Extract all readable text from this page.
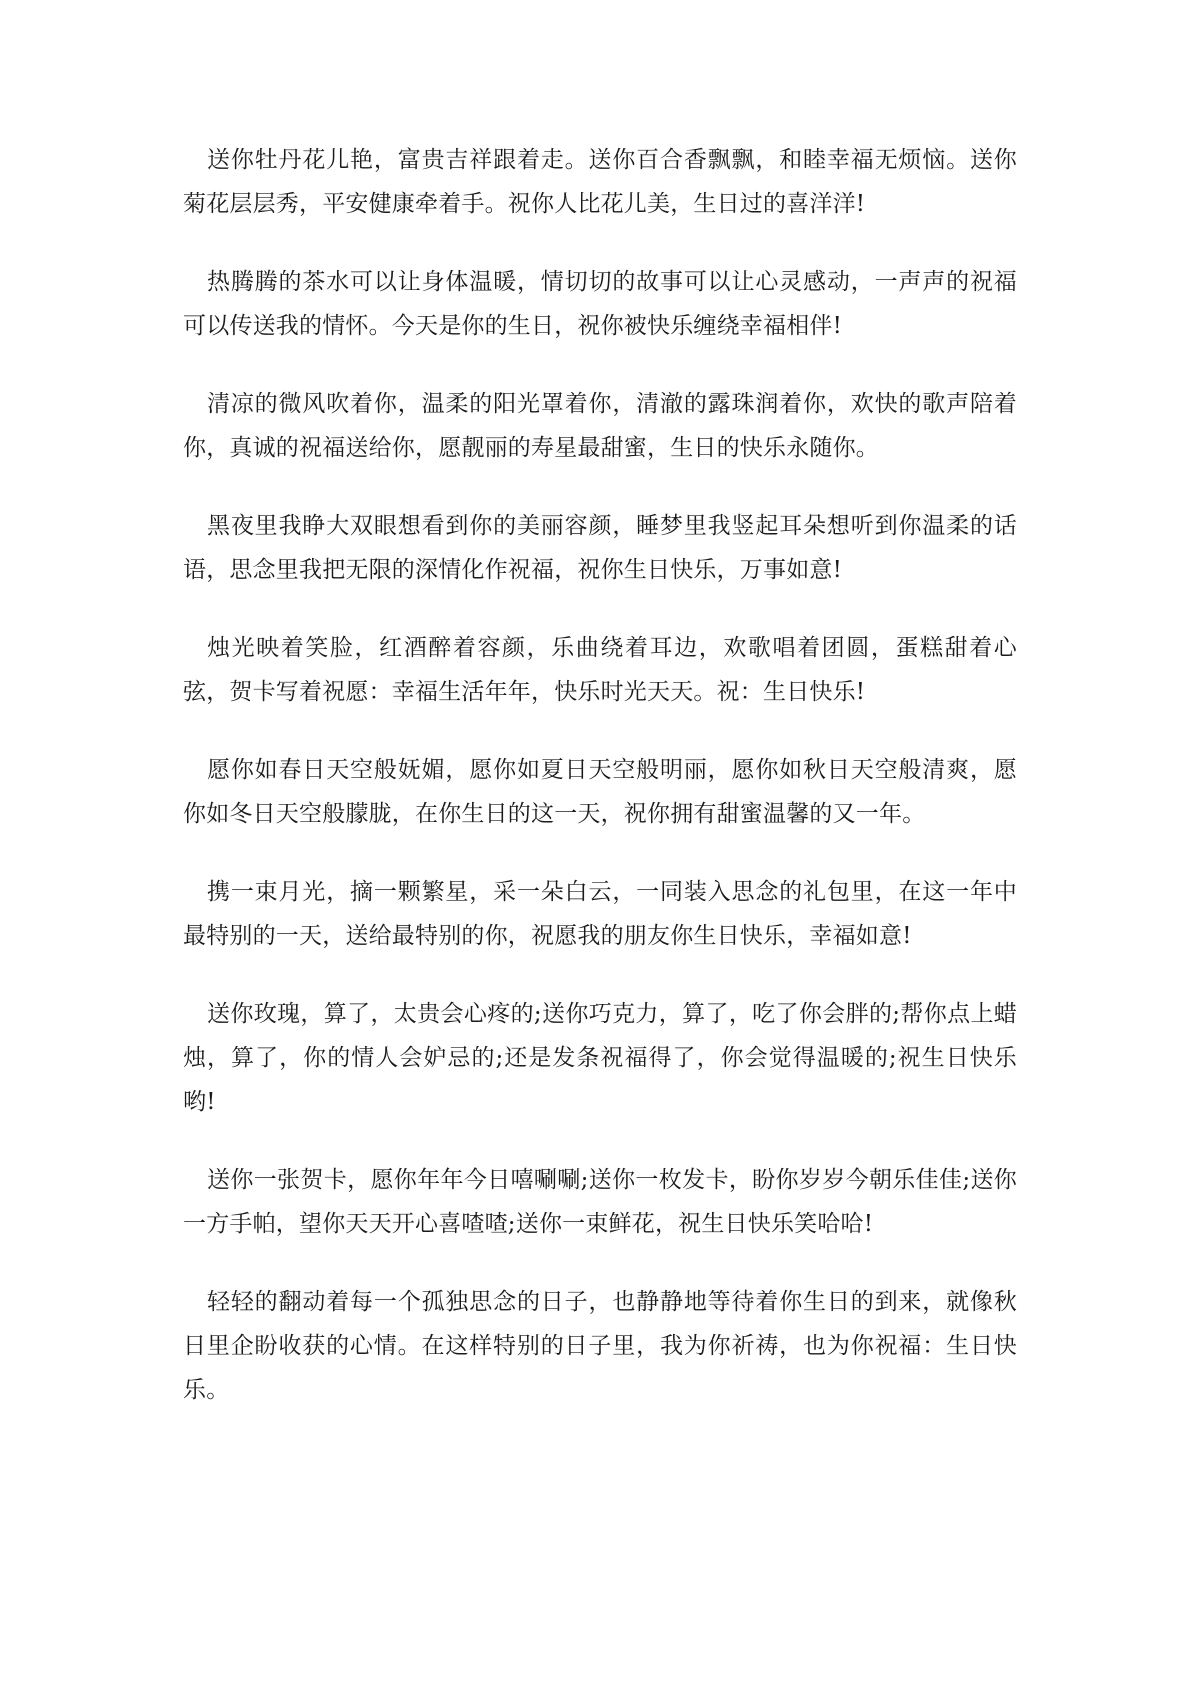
送你牡丹花儿艳，富贵吉祥跟着走。送你百合香飘飘，和睦幸福无烦恼。送你菊花层层秀，平安健康牵着手。祝你人比花儿美，生日过的喜洋洋!

热腾腾的茶水可以让身体温暖，情切切的故事可以让心灵感动，一声声的祝福可以传送我的情怀。今天是你的生日，祝你被快乐缠绕幸福相伴!

清凉的微风吹着你，温柔的阳光罩着你，清澈的露珠润着你，欢快的歌声陪着你，真诚的祝福送给你，愿靓丽的寿星最甜蜜，生日的快乐永随你。

黑夜里我睁大双眼想看到你的美丽容颜，睡梦里我竖起耳朵想听到你温柔的话语，思念里我把无限的深情化作祝福，祝你生日快乐，万事如意!

烛光映着笑脸，红酒醉着容颜，乐曲绕着耳边，欢歌唱着团圆，蛋糕甜着心弦，贺卡写着祝愿：幸福生活年年，快乐时光天天。祝：生日快乐!

愿你如春日天空般妩媚，愿你如夏日天空般明丽，愿你如秋日天空般清爽，愿你如冬日天空般朦胧，在你生日的这一天，祝你拥有甜蜜温馨的又一年。

携一束月光，摘一颗繁星，采一朵白云，一同装入思念的礼包里，在这一年中最特别的一天，送给最特别的你，祝愿我的朋友你生日快乐，幸福如意!

送你玫瑰，算了，太贵会心疼的;送你巧克力，算了，吃了你会胖的;帮你点上蜡烛，算了，你的情人会妒忌的;还是发条祝福得了，你会觉得温暖的;祝生日快乐哟!

送你一张贺卡，愿你年年今日嘻唰唰;送你一枚发卡，盼你岁岁今朝乐佳佳;送你一方手帕，望你天天开心喜喳喳;送你一束鲜花，祝生日快乐笑哈哈!

轻轻的翻动着每一个孤独思念的日子，也静静地等待着你生日的到来，就像秋日里企盼收获的心情。在这样特别的日子里，我为你祈祷，也为你祝福：生日快乐。
